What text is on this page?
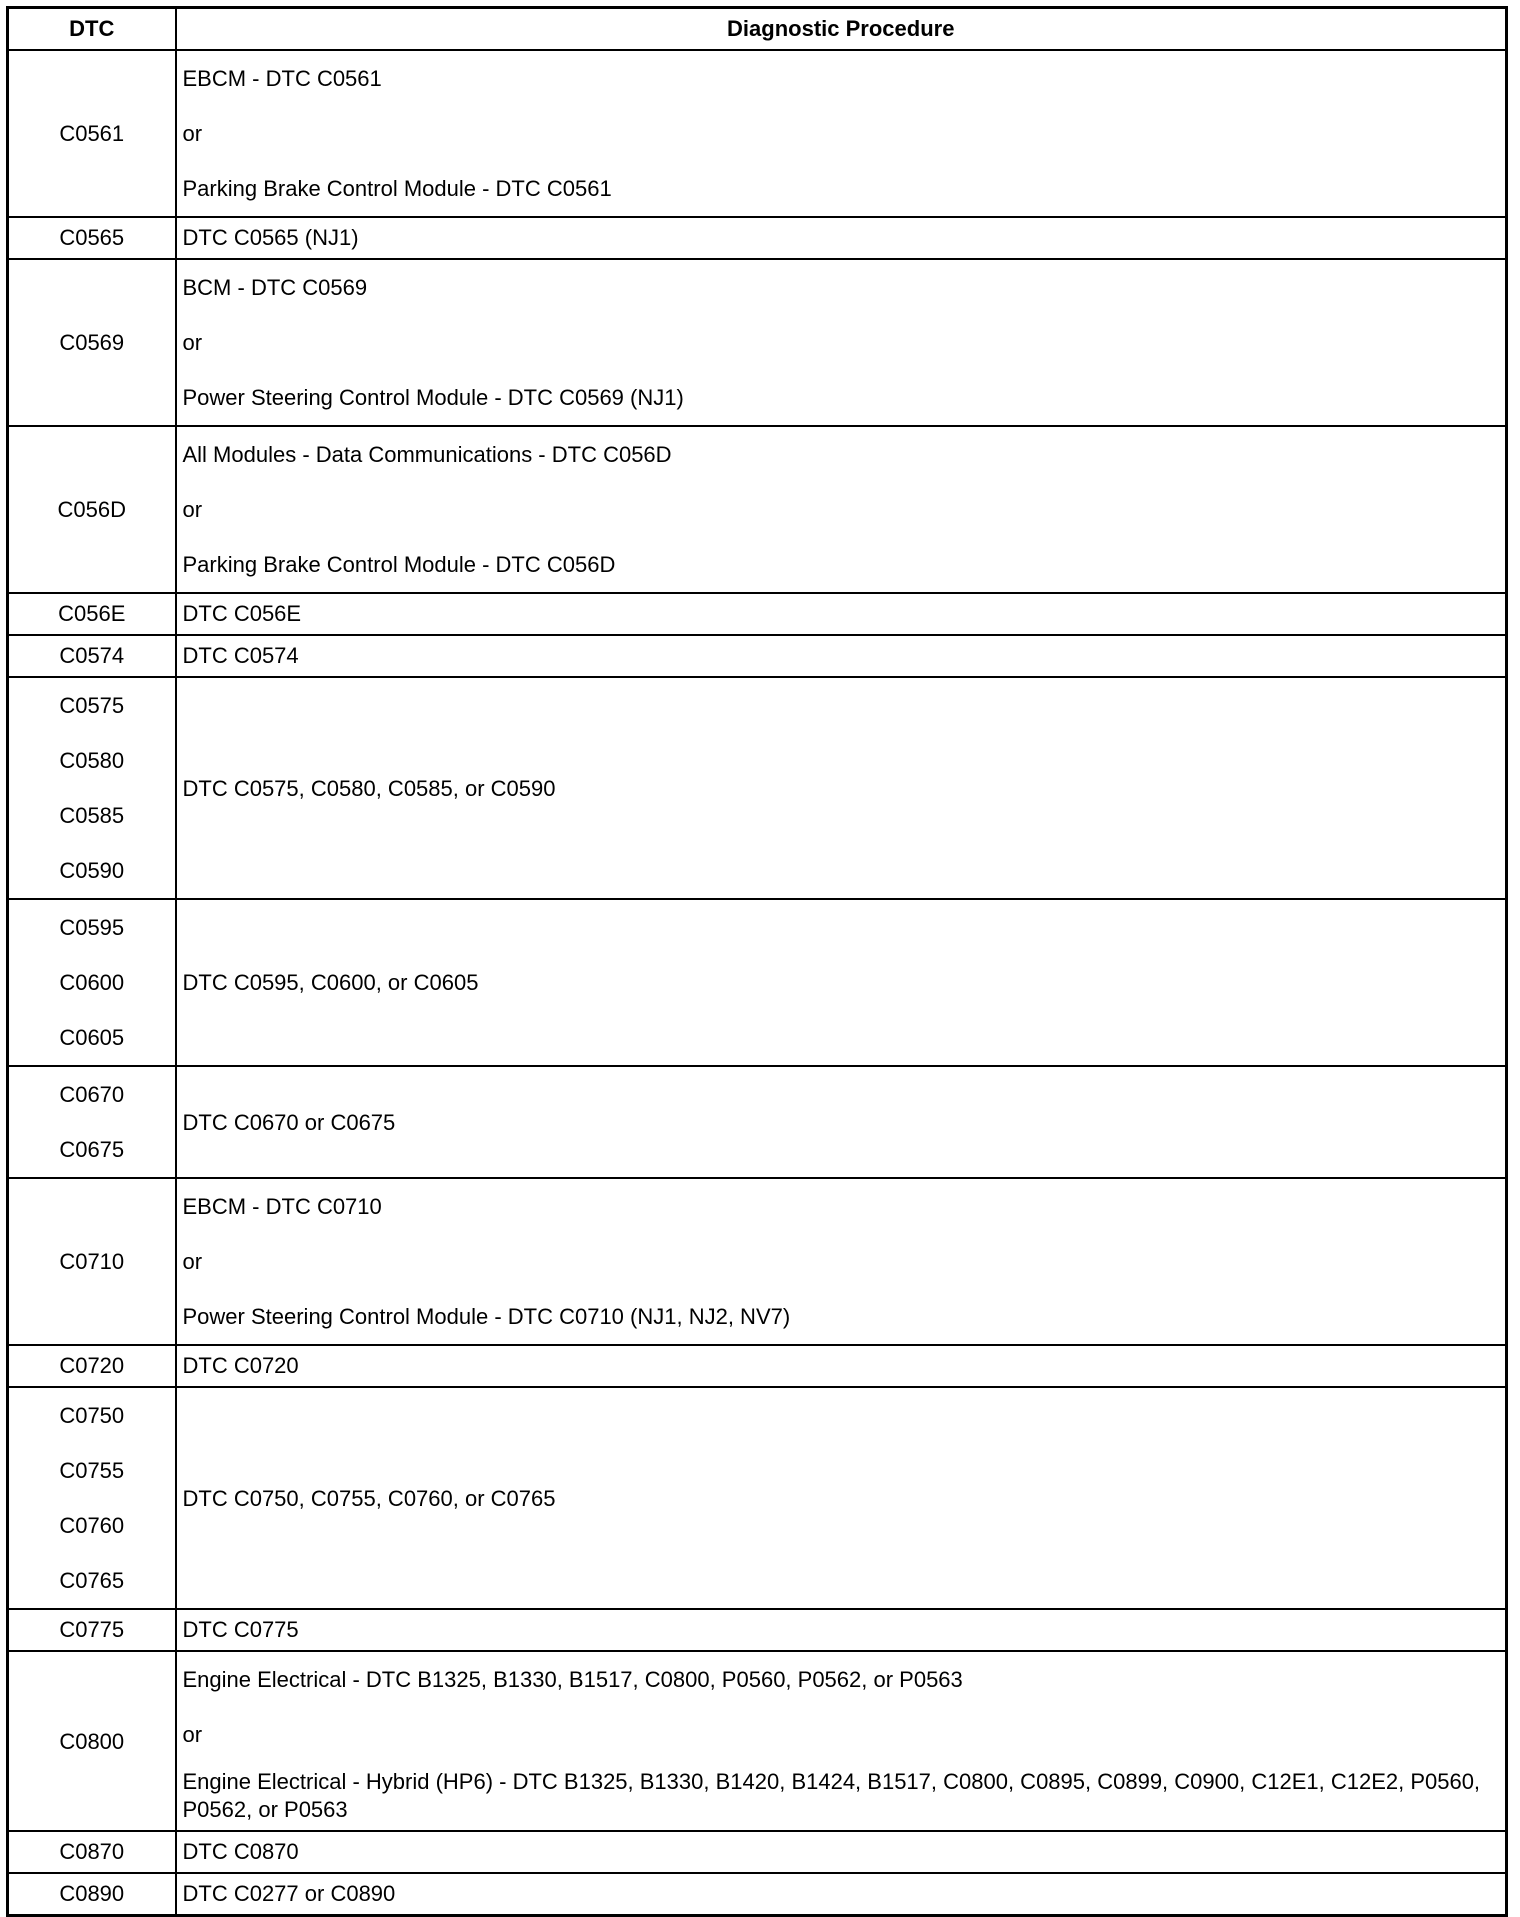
DTC	Diagnostic Procedure

C0561	EBCM - DTC C0561
or
Parking Brake Control Module - DTC C0561

C0565	DTC C0565 (NJ1)

C0569	BCM - DTC C0569
or
Power Steering Control Module - DTC C0569 (NJ1)

C056D	All Modules - Data Communications - DTC C056D
or
Parking Brake Control Module - DTC C056D

C056E	DTC C056E

C0574	DTC C0574

C0575
C0580
C0585
C0590	DTC C0575, C0580, C0585, or C0590

C0595
C0600
C0605	DTC C0595, C0600, or C0605

C0670
C0675	DTC C0670 or C0675

C0710	EBCM - DTC C0710
or
Power Steering Control Module - DTC C0710 (NJ1, NJ2, NV7)

C0720	DTC C0720

C0750
C0755
C0760
C0765	DTC C0750, C0755, C0760, or C0765

C0775	DTC C0775

C0800	Engine Electrical - DTC B1325, B1330, B1517, C0800, P0560, P0562, or P0563
or
Engine Electrical - Hybrid (HP6) - DTC B1325, B1330, B1420, B1424, B1517, C0800, C0895, C0899, C0900, C12E1, C12E2, P0560, P0562, or P0563

C0870	DTC C0870

C0890	DTC C0277 or C0890
